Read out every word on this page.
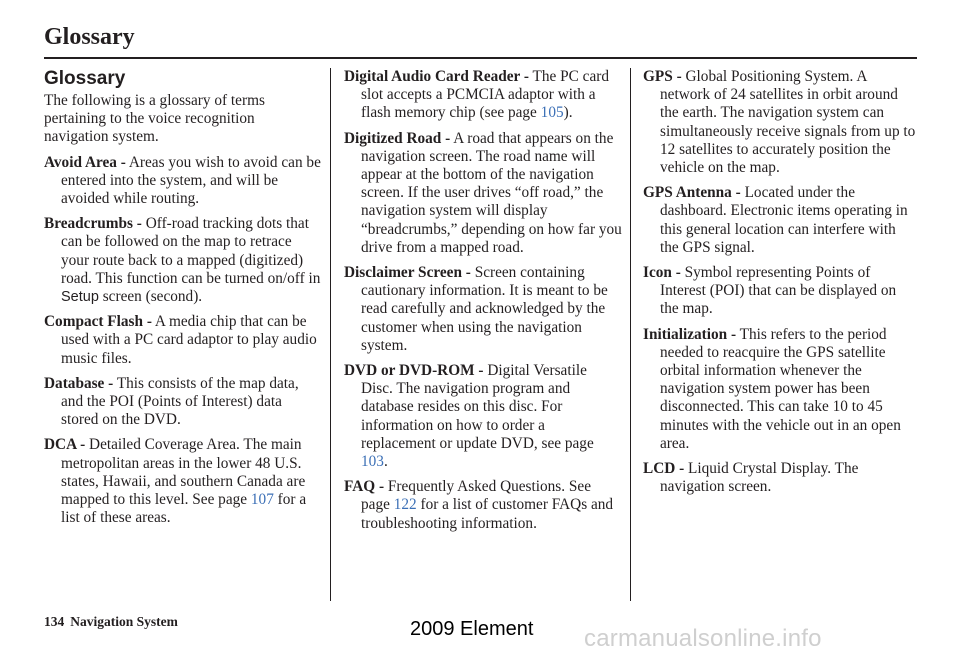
Glossary
Glossary
The following is a glossary of terms pertaining to the voice recognition navigation system.
Avoid Area - Areas you wish to avoid can be entered into the system, and will be avoided while routing.
Breadcrumbs - Off-road tracking dots that can be followed on the map to retrace your route back to a mapped (digitized) road. This function can be turned on/off in Setup screen (second).
Compact Flash - A media chip that can be used with a PC card adaptor to play audio music files.
Database - This consists of the map data, and the POI (Points of Interest) data stored on the DVD.
DCA - Detailed Coverage Area. The main metropolitan areas in the lower 48 U.S. states, Hawaii, and southern Canada are mapped to this level. See page 107 for a list of these areas.
Digital Audio Card Reader - The PC card slot accepts a PCMCIA adaptor with a flash memory chip (see page 105).
Digitized Road - A road that appears on the navigation screen. The road name will appear at the bottom of the navigation screen. If the user drives “off road,” the navigation system will display “breadcrumbs,” depending on how far you drive from a mapped road.
Disclaimer Screen - Screen containing cautionary information. It is meant to be read carefully and acknowledged by the customer when using the navigation system.
DVD or DVD-ROM - Digital Versatile Disc. The navigation program and database resides on this disc. For information on how to order a replacement or update DVD, see page 103.
FAQ - Frequently Asked Questions. See page 122 for a list of customer FAQs and troubleshooting information.
GPS - Global Positioning System. A network of 24 satellites in orbit around the earth. The navigation system can simultaneously receive signals from up to 12 satellites to accurately position the vehicle on the map.
GPS Antenna - Located under the dashboard. Electronic items operating in this general location can interfere with the GPS signal.
Icon - Symbol representing Points of Interest (POI) that can be displayed on the map.
Initialization - This refers to the period needed to reacquire the GPS satellite orbital information whenever the navigation system power has been disconnected. This can take 10 to 45 minutes with the vehicle out in an open area.
LCD - Liquid Crystal Display. The navigation screen.
134 Navigation System	2009 Element carmanualsonline.info
